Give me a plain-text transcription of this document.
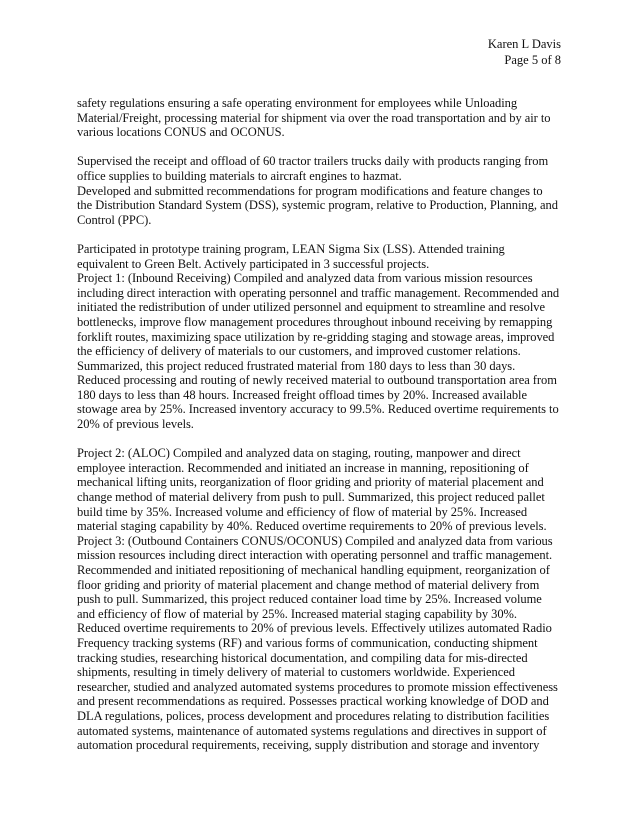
Karen L Davis
Page 5 of 8

safety regulations ensuring a safe operating environment for employees while Unloading
Material/Freight, processing material for shipment via over the road transportation and by air to
various locations CONUS and OCONUS.

Supervised the receipt and offload of 60 tractor trailers trucks daily with products ranging from
office supplies to building materials to aircraft engines to hazmat.

Developed and submitted recommendations for program modifications and feature changes to
the Distribution Standard System (DSS), systemic program, relative to Production, Planning, and
Control (PPC).

Participated in prototype training program, LEAN Sigma Six (LSS). Attended training
equivalent to Green Belt. Actively participated in 3 successful projects.

Project 1: (Inbound Receiving) Compiled and analyzed data from various mission resources
including direct interaction with operating personnel and traffic management. Recommended and
initiated the redistribution of under utilized personnel and equipment to streamline and resolve
bottlenecks, improve flow management procedures throughout inbound receiving by remapping
forklift routes, maximizing space utilization by re-gridding staging and stowage areas, improved
the efficiency of delivery of materials to our customers, and improved customer relations.
Summarized, this project reduced frustrated material from 180 days to less than 30 days.
Reduced processing and routing of newly received material to outbound transportation area from
180 days to less than 48 hours. Increased freight offload times by 20%. Increased available
stowage area by 25%. Increased inventory accuracy to 99.5%. Reduced overtime requirements to
20% of previous levels.

Project 2: (ALOC) Compiled and analyzed data on staging, routing, manpower and direct
employee interaction. Recommended and initiated an increase in manning, repositioning of
mechanical lifting units, reorganization of floor griding and priority of material placement and
change method of material delivery from push to pull. Summarized, this project reduced pallet
build time by 35%. Increased volume and efficiency of flow of material by 25%. Increased
material staging capability by 40%. Reduced overtime requirements to 20% of previous levels.

Project 3: (Outbound Containers CONUS/OCONUS) Compiled and analyzed data from various
mission resources including direct interaction with operating personnel and traffic management.
Recommended and initiated repositioning of mechanical handling equipment, reorganization of
floor griding and priority of material placement and change method of material delivery from
push to pull. Summarized, this project reduced container load time by 25%. Increased volume
and efficiency of flow of material by 25%. Increased material staging capability by 30%.
Reduced overtime requirements to 20% of previous levels. Effectively utilizes automated Radio
Frequency tracking systems (RF) and various forms of communication, conducting shipment
tracking studies, researching historical documentation, and compiling data for mis-directed
shipments, resulting in timely delivery of material to customers worldwide. Experienced
researcher, studied and analyzed automated systems procedures to promote mission effectiveness
and present recommendations as required. Possesses practical working knowledge of DOD and
DLA regulations, polices, process development and procedures relating to distribution facilities
automated systems, maintenance of automated systems regulations and directives in support of
automation procedural requirements, receiving, supply distribution and storage and inventory
